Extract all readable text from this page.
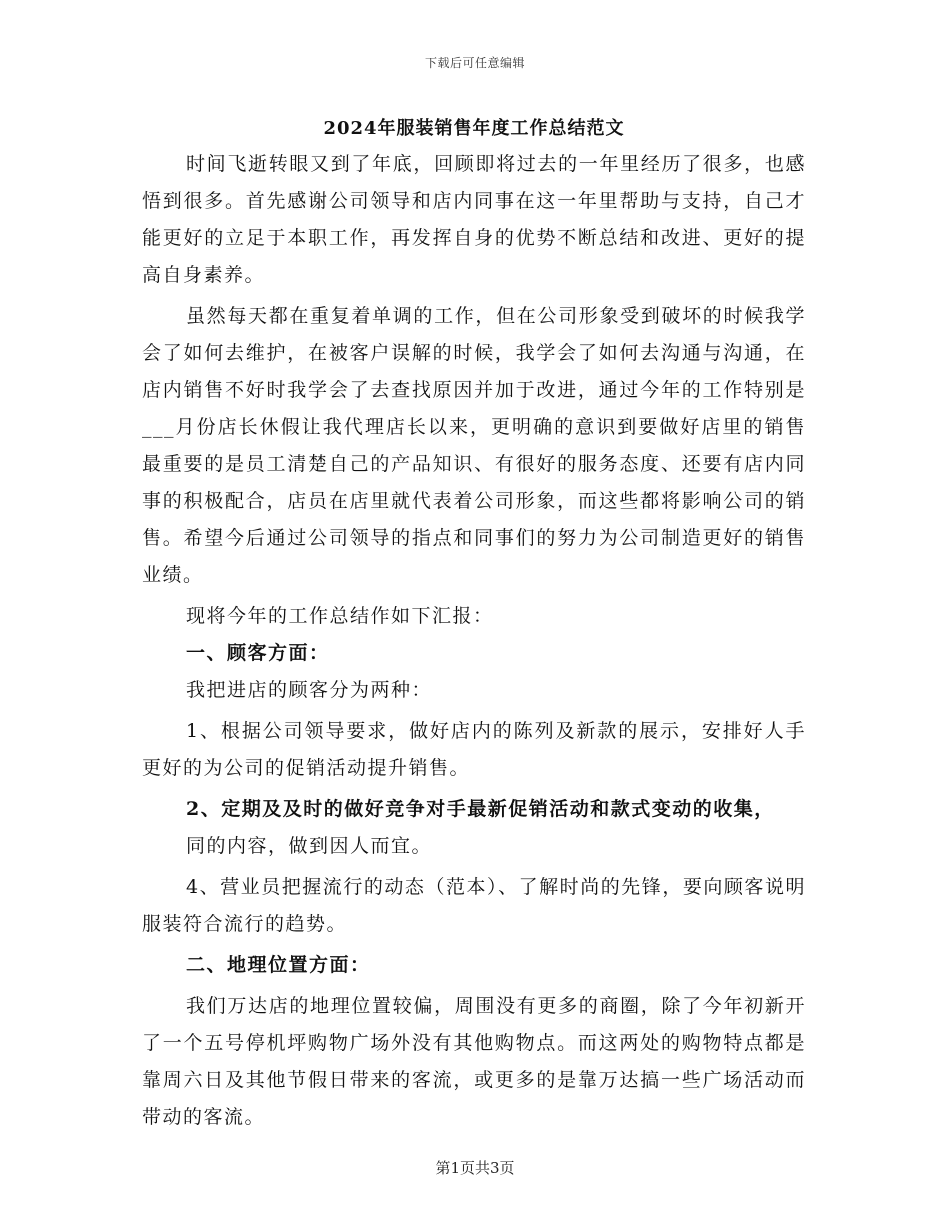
下载后可任意编辑
2024年服装销售年度工作总结范文

时间飞逝转眼又到了年底，回顾即将过去的一年里经历了很多，也感悟到很多。首先感谢公司领导和店内同事在这一年里帮助与支持，自己才能更好的立足于本职工作，再发挥自身的优势不断总结和改进、更好的提高自身素养。

虽然每天都在重复着单调的工作，但在公司形象受到破坏的时候我学会了如何去维护，在被客户误解的时候，我学会了如何去沟通与沟通，在店内销售不好时我学会了去查找原因并加于改进，通过今年的工作特别是___月份店长休假让我代理店长以来，更明确的意识到要做好店里的销售最重要的是员工清楚自己的产品知识、有很好的服务态度、还要有店内同事的积极配合，店员在店里就代表着公司形象，而这些都将影响公司的销售。希望今后通过公司领导的指点和同事们的努力为公司制造更好的销售业绩。

现将今年的工作总结作如下汇报：

一、顾客方面：

我把进店的顾客分为两种：

1、根据公司领导要求，做好店内的陈列及新款的展示，安排好人手更好的为公司的促销活动提升销售。

2、定期及及时的做好竞争对手最新促销活动和款式变动的收集，

同的内容，做到因人而宜。

4、营业员把握流行的动态（范本）、了解时尚的先锋，要向顾客说明服装符合流行的趋势。

二、地理位置方面：

我们万达店的地理位置较偏，周围没有更多的商圈，除了今年初新开了一个五号停机坪购物广场外没有其他购物点。而这两处的购物特点都是靠周六日及其他节假日带来的客流，或更多的是靠万达搞一些广场活动而带动的客流。

第1页共3页
